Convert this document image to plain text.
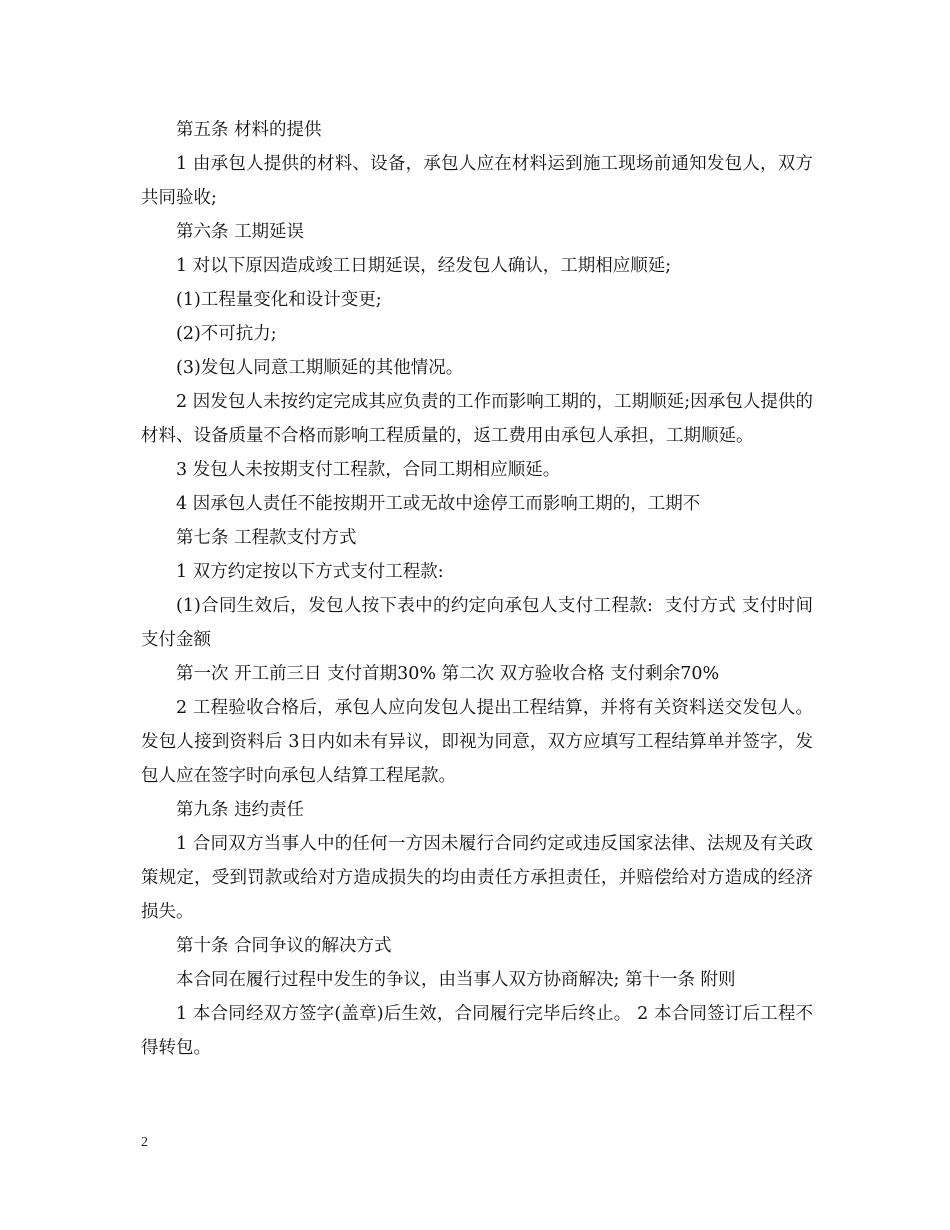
第五条 材料的提供

1 由承包人提供的材料、设备，承包人应在材料运到施工现场前通知发包人，双方共同验收;

第六条 工期延误

1 对以下原因造成竣工日期延误，经发包人确认，工期相应顺延;

(1)工程量变化和设计变更;

(2)不可抗力;

(3)发包人同意工期顺延的其他情况。

2 因发包人未按约定完成其应负责的工作而影响工期的，工期顺延;因承包人提供的材料、设备质量不合格而影响工程质量的，返工费用由承包人承担，工期顺延。

3 发包人未按期支付工程款，合同工期相应顺延。

4 因承包人责任不能按期开工或无故中途停工而影响工期的，工期不

第七条 工程款支付方式

1 双方约定按以下方式支付工程款:

(1)合同生效后，发包人按下表中的约定向承包人支付工程款:  支付方式 支付时间 支付金额

第一次 开工前三日 支付首期30% 第二次 双方验收合格 支付剩余70%

2 工程验收合格后，承包人应向发包人提出工程结算，并将有关资料送交发包人。发包人接到资料后 3日内如未有异议，即视为同意，双方应填写工程结算单并签字，发包人应在签字时向承包人结算工程尾款。

第九条 违约责任

1 合同双方当事人中的任何一方因未履行合同约定或违反国家法律、法规及有关政策规定，受到罚款或给对方造成损失的均由责任方承担责任，并赔偿给对方造成的经济损失。

第十条 合同争议的解决方式

本合同在履行过程中发生的争议，由当事人双方协商解决; 第十一条 附则

1 本合同经双方签字(盖章)后生效，合同履行完毕后终止。 2 本合同签订后工程不得转包。

2
